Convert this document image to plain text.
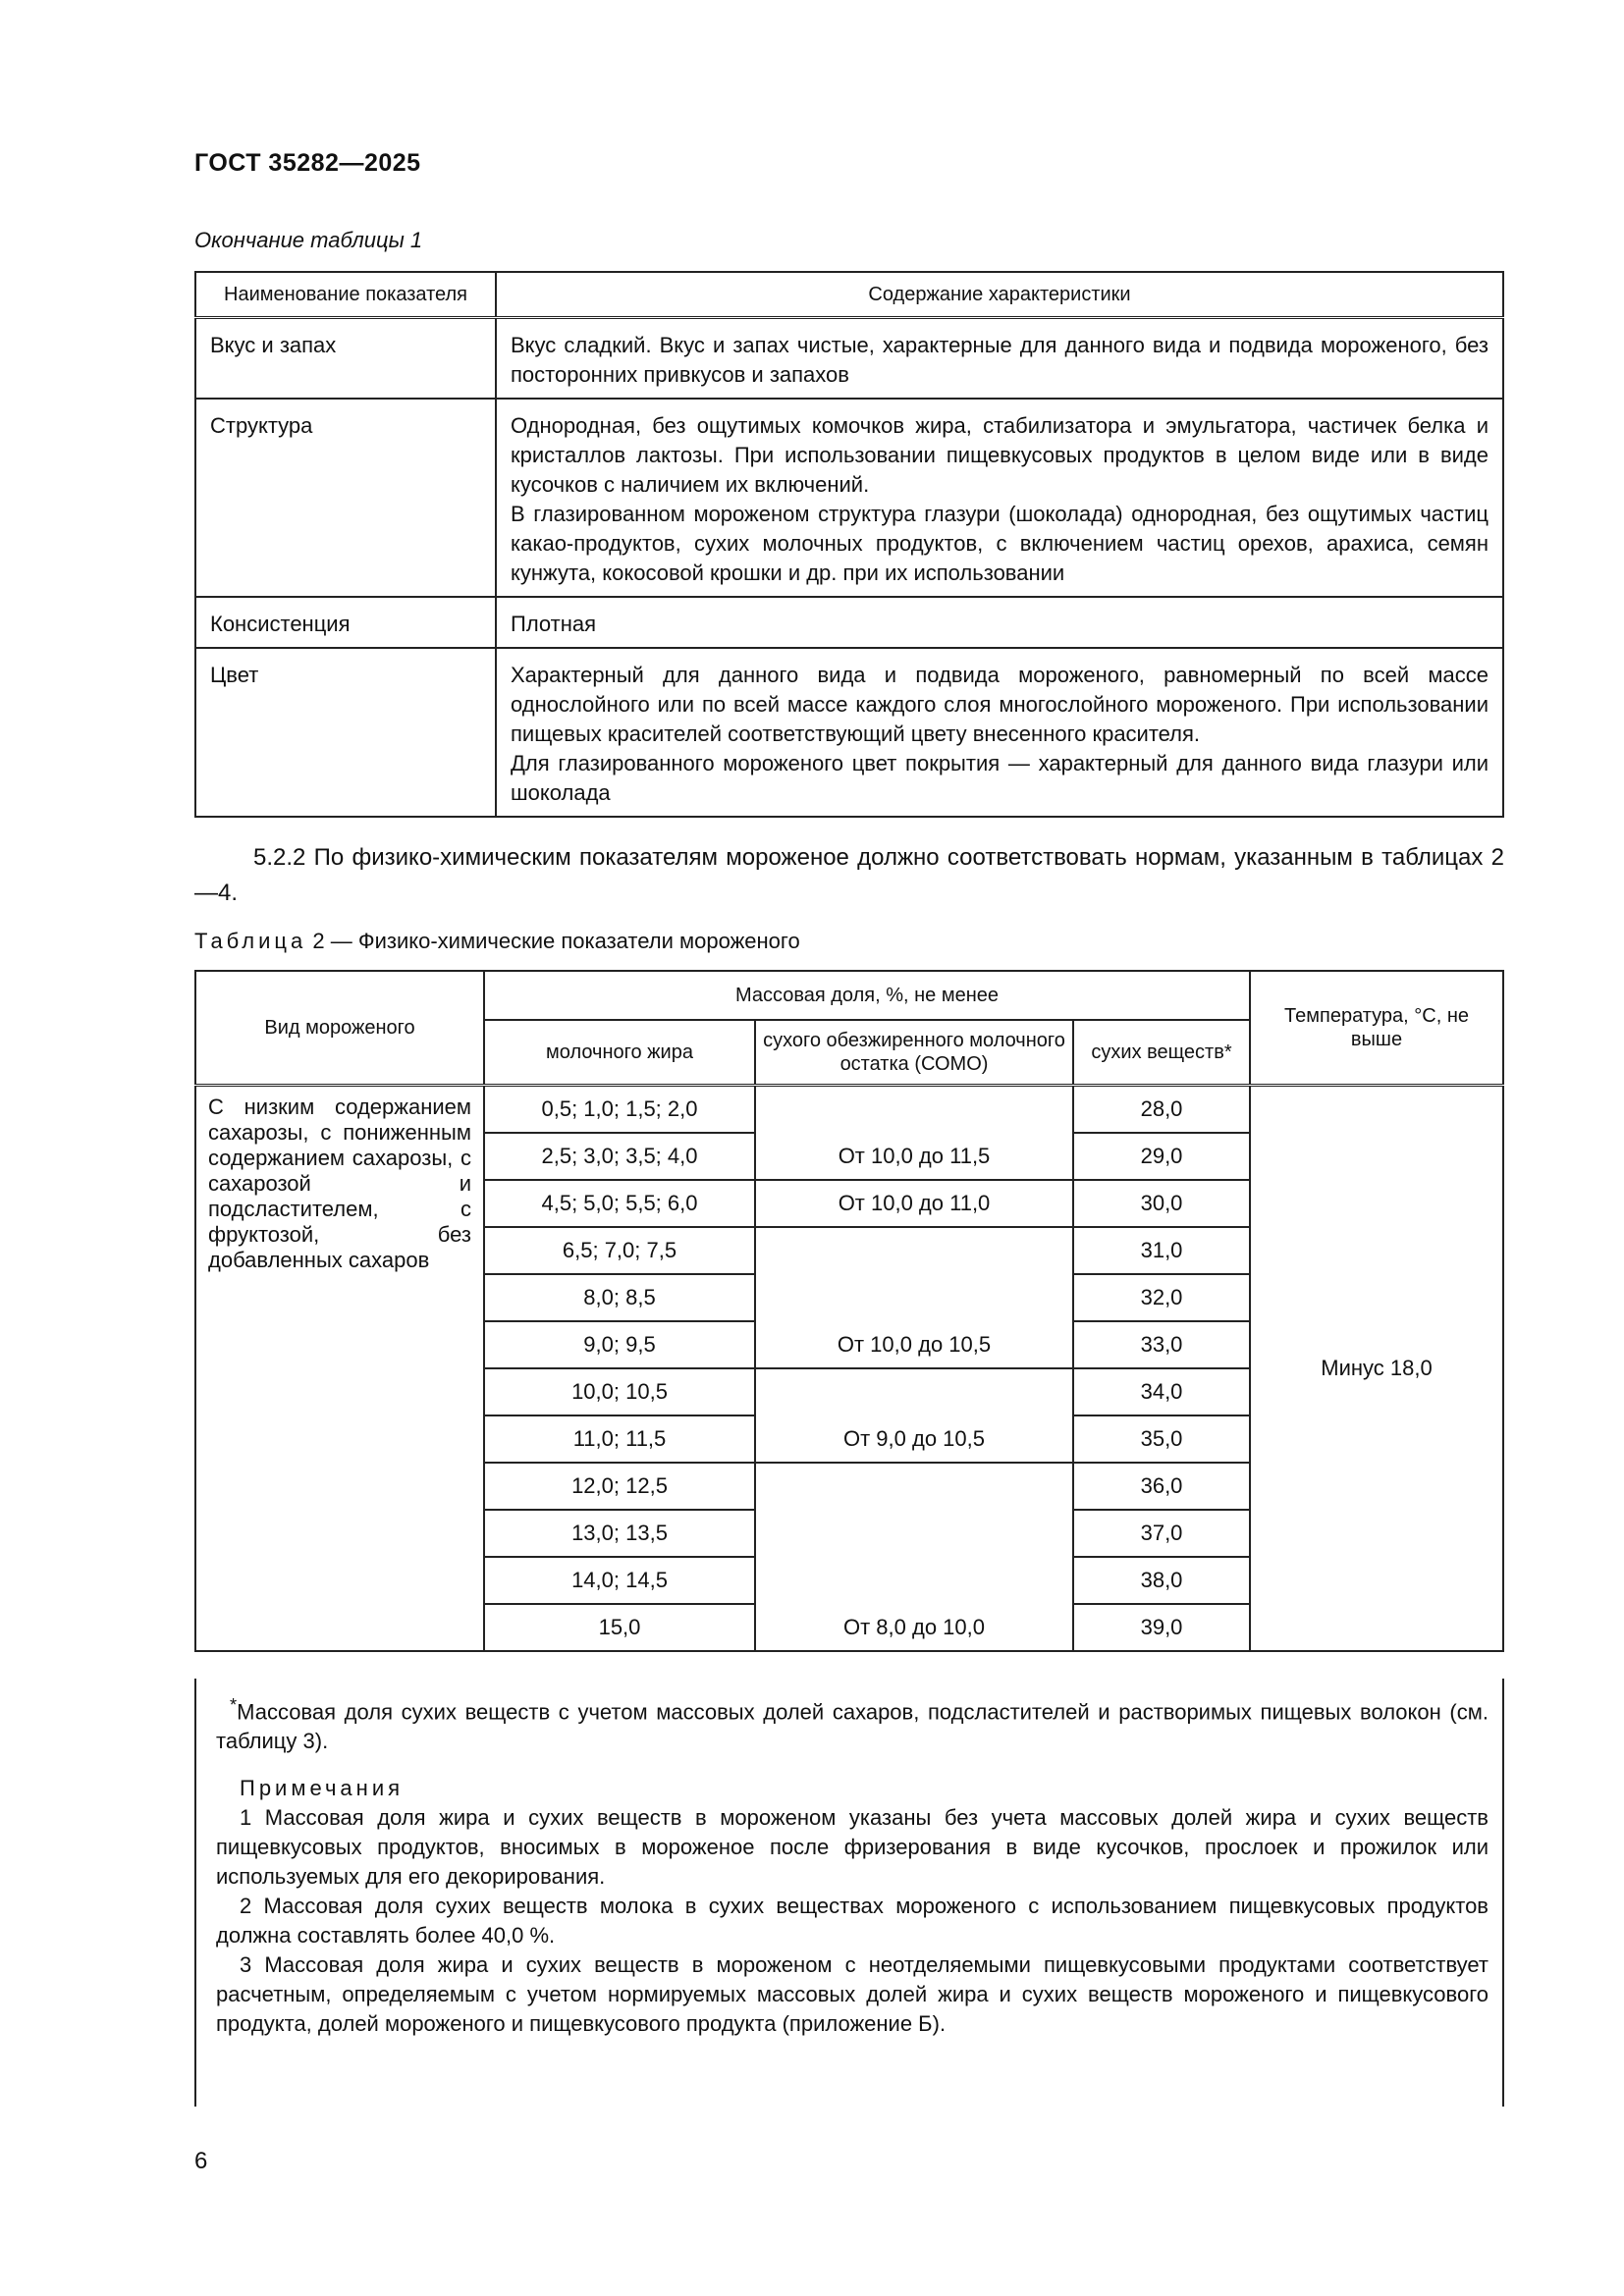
ГОСТ 35282—2025
Окончание таблицы 1
Наименование показателя	Содержание характеристики
Вкус и запах	Вкус сладкий. Вкус и запах чистые, характерные для данного вида и подвида мороженого, без посторонних привкусов и запахов

Структура	Однородная, без ощутимых комочков жира, стабилизатора и эмульгатора, частичек белка и кристаллов лактозы. При использовании пищевкусовых продуктов в целом виде или в виде кусочков с наличием их включений.
В глазированном мороженом структура глазури (шоколада) однородная, без ощутимых частиц какао-продуктов, сухих молочных продуктов, с включением частиц орехов, арахиса, семян кунжута, кокосовой крошки и др. при их использовании

Консистенция	Плотная

Цвет	Характерный для данного вида и подвида мороженого, равномерный по всей массе однослойного или по всей массе каждого слоя многослойного мороженого. При использовании пищевых красителей соответствующий цвету внесенного красителя.
Для глазированного мороженого цвет покрытия — характерный для данного вида глазури или шоколада
5.2.2 По физико-химическим показателям мороженое должно соответствовать нормам, указанным в таблицах 2—4.
Таблица 2 — Физико-химические показатели мороженого
Вид мороженого	Массовая доля, %, не менее			Температура, °С, не выше
	молочного жира	сухого обезжиренного молочного остатка (СОМО)	сухих веществ*	
С низким содержанием сахарозы, с пониженным содержанием сахарозы, с сахарозой и подсластителем, с фруктозой, без добавленных сахаров	0,5; 1,0; 1,5; 2,0		28,0	Минус 18,0
	2,5; 3,0; 3,5; 4,0	От 10,0 до 11,5	29,0	
	4,5; 5,0; 5,5; 6,0	От 10,0 до 11,0	30,0	
	6,5; 7,0; 7,5		31,0	
	8,0; 8,5		32,0	
	9,0; 9,5	От 10,0 до 10,5	33,0	
	10,0; 10,5		34,0	
	11,0; 11,5	От 9,0 до 10,5	35,0	
	12,0; 12,5		36,0	
	13,0; 13,5		37,0	
	14,0; 14,5		38,0	
	15,0	От 8,0 до 10,0	39,0	

*Массовая доля сухих веществ с учетом массовых долей сахаров, подсластителей и растворимых пищевых волокон (см. таблицу 3).

Примечания

1 Массовая доля жира и сухих веществ в мороженом указаны без учета массовых долей жира и сухих веществ пищевкусовых продуктов, вносимых в мороженое после фризерования в виде кусочков, прослоек и прожилок или используемых для его декорирования.

2 Массовая доля сухих веществ молока в сухих веществах мороженого с использованием пищевкусовых продуктов должна составлять более 40,0 %.

3 Массовая доля жира и сухих веществ в мороженом с неотделяемыми пищевкусовыми продуктами соответствует расчетным, определяемым с учетом нормируемых массовых долей жира и сухих веществ мороженого и пищевкусового продукта, долей мороженого и пищевкусового продукта (приложение Б).

6
